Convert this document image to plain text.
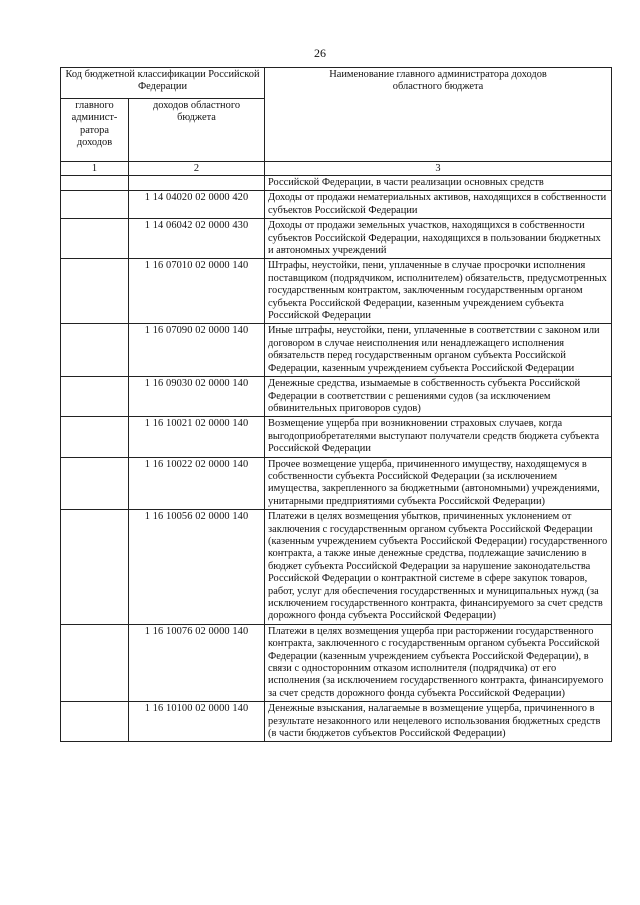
26
Код бюджетной классификации Российской Федерации		Наименование главного администратора доходов областного бюджета

главного админист-ратора доходов	доходов областного бюджета	

1	2	3
		Российской Федерации, в части реализации основных средств
	1 14 04020 02 0000 420	Доходы от продажи нематериальных активов, находящихся в собственности субъектов Российской Федерации
	1 14 06042 02 0000 430	Доходы от продажи земельных участков, находящихся в собственности субъектов Российской Федерации, находящихся в пользовании бюджетных и автономных учреждений
	1 16 07010 02 0000 140	Штрафы, неустойки, пени, уплаченные в случае просрочки исполнения поставщиком (подрядчиком, исполнителем) обязательств, предусмотренных государственным контрактом, заключенным государственным органом субъекта Российской Федерации, казенным учреждением субъекта Российской Федерации
	1 16 07090 02 0000 140	Иные штрафы, неустойки, пени, уплаченные в соответствии с законом или договором в случае неисполнения или ненадлежащего исполнения обязательств перед государственным органом субъекта Российской Федерации, казенным учреждением субъекта Российской Федерации
	1 16 09030 02 0000 140	Денежные средства, изымаемые в собственность субъекта Российской Федерации в соответствии с решениями судов (за исключением обвинительных приговоров судов)
	1 16 10021 02 0000 140	Возмещение ущерба при возникновении страховых случаев, когда выгодоприобретателями выступают получатели средств бюджета субъекта Российской Федерации
	1 16 10022 02 0000 140	Прочее возмещение ущерба, причиненного имуществу, находящемуся в собственности субъекта Российской Федерации (за исключением имущества, закрепленного за бюджетными (автономными) учреждениями, унитарными предприятиями субъекта Российской Федерации)
	1 16 10056 02 0000 140	Платежи в целях возмещения убытков, причиненных уклонением от заключения с государственным органом субъекта Российской Федерации (казенным учреждением субъекта Российской Федерации) государственного контракта, а также иные денежные средства, подлежащие зачислению в бюджет субъекта Российской Федерации за нарушение законодательства Российской Федерации о контрактной системе в сфере закупок товаров, работ, услуг для обеспечения государственных и муниципальных нужд (за исключением государственного контракта, финансируемого за счет средств дорожного фонда субъекта Российской Федерации)
	1 16 10076 02 0000 140	Платежи в целях возмещения ущерба при расторжении государственного контракта, заключенного с государственным органом субъекта Российской Федерации (казенным учреждением субъекта Российской Федерации), в связи с односторонним отказом исполнителя (подрядчика) от его исполнения (за исключением государственного контракта, финансируемого за счет средств дорожного фонда субъекта Российской Федерации)
	1 16 10100 02 0000 140	Денежные взыскания, налагаемые в возмещение ущерба, причиненного в результате незаконного или нецелевого использования бюджетных средств (в части бюджетов субъектов Российской Федерации)
